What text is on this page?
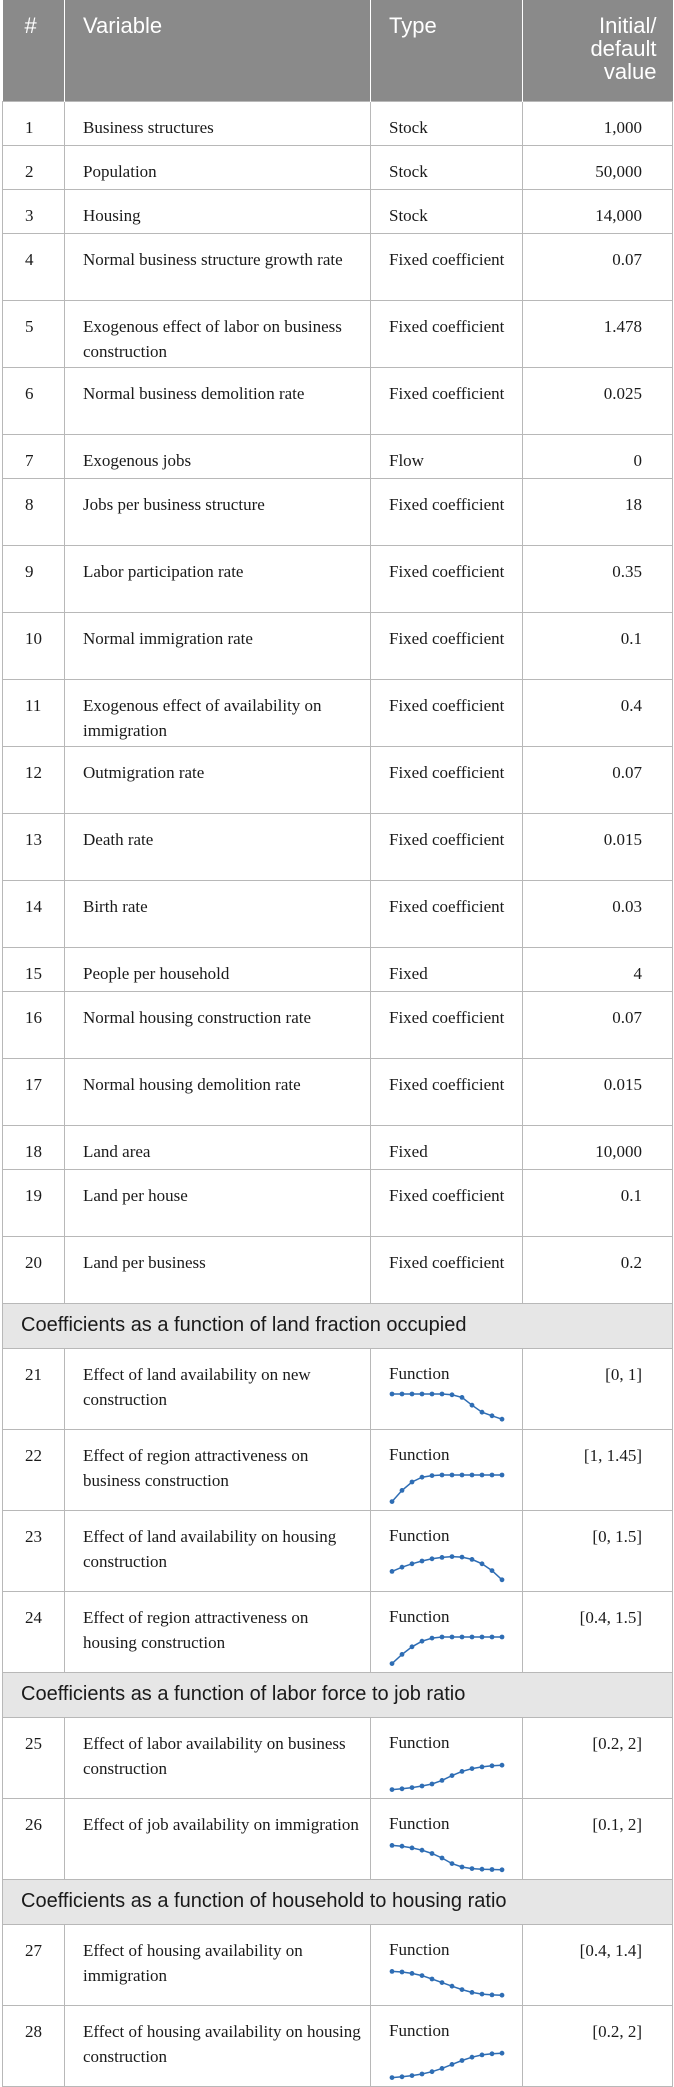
#	Variable	Type	Initial/ default value
1	Business structures	Stock	1,000
2	Population	Stock	50,000
3	Housing	Stock	14,000
4	Normal business structure growth rate	Fixed coefficient	0.07
5	Exogenous effect of labor on business construction	Fixed coefficient	1.478
6	Normal business demolition rate	Fixed coefficient	0.025
7	Exogenous jobs	Flow	0
8	Jobs per business structure	Fixed coefficient	18
9	Labor participation rate	Fixed coefficient	0.35
10	Normal immigration rate	Fixed coefficient	0.1
11	Exogenous effect of availability on immigration	Fixed coefficient	0.4
12	Outmigration rate	Fixed coefficient	0.07
13	Death rate	Fixed coefficient	0.015
14	Birth rate	Fixed coefficient	0.03
15	People per household	Fixed	4
16	Normal housing construction rate	Fixed coefficient	0.07
17	Normal housing demolition rate	Fixed coefficient	0.015
18	Land area	Fixed	10,000
19	Land per house	Fixed coefficient	0.1
20	Land per business	Fixed coefficient	0.2
Coefficients as a function of land fraction occupied			
21	Effect of land availability on new construction	Function	[0, 1]
22	Effect of region attractiveness on business construction	Function	[1, 1.45]
23	Effect of land availability on housing construction	Function	[0, 1.5]
24	Effect of region attractiveness on housing construction	Function	[0.4, 1.5]
Coefficients as a function of labor force to job ratio			
25	Effect of labor availability on business construction	Function	[0.2, 2]
26	Effect of job availability on immigration	Function	[0.1, 2]
Coefficients as a function of household to housing ratio			
27	Effect of housing availability on immigration	Function	[0.4, 1.4]
28	Effect of housing availability on housing construction	Function	[0.2, 2]
